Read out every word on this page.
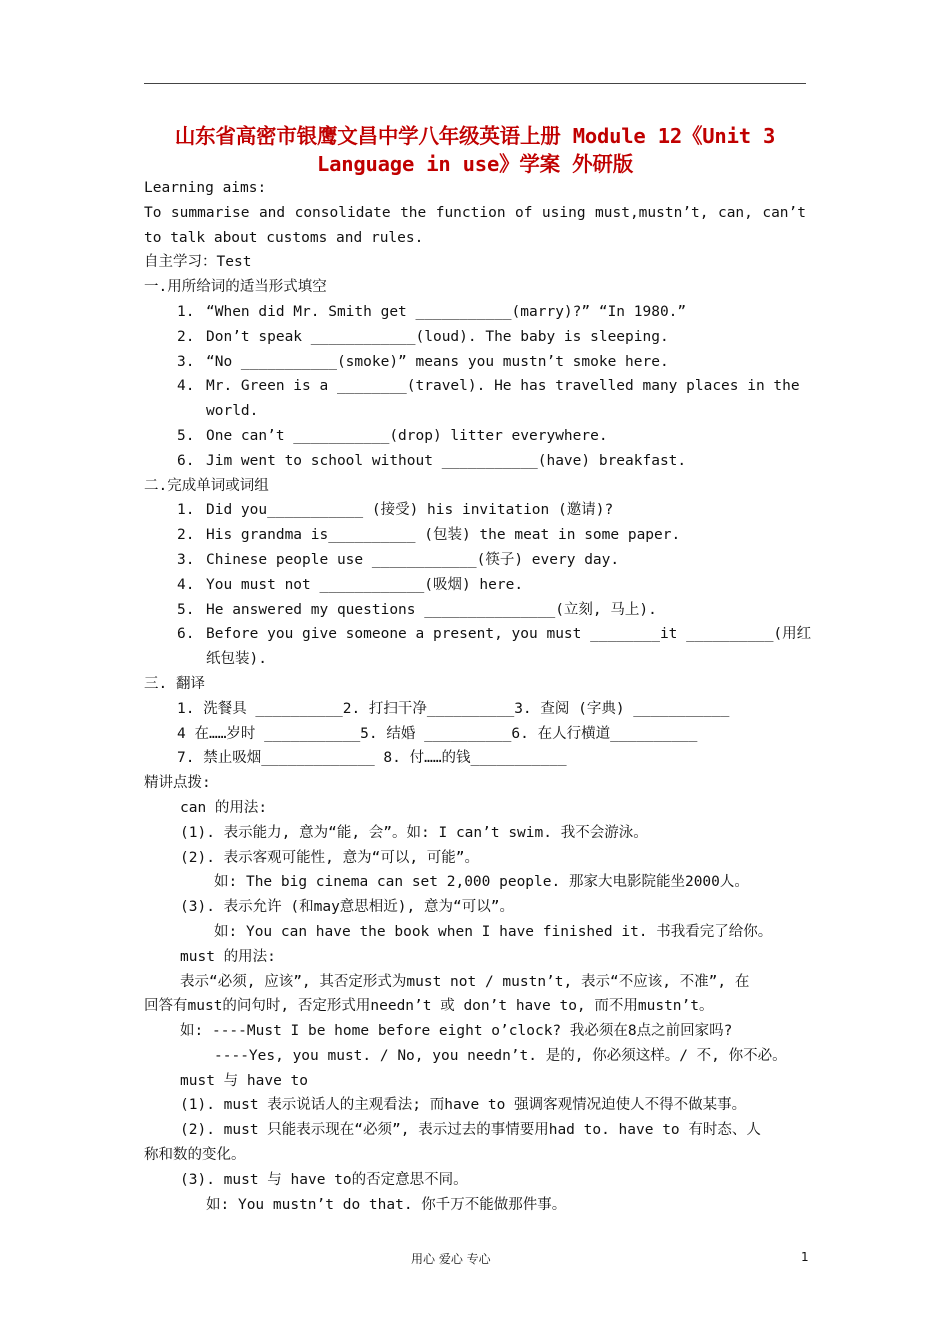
山东省高密市银鹰文昌中学八年级英语上册 Module 12《Unit 3
Language in use》学案 外研版
Learning aims:
To summarise and consolidate the function of using must,mustn’t, can, can’t
to talk about customs and rules.
自主学习：Test
一.用所给词的适当形式填空
1. “When did Mr. Smith get ___________(marry)?” “In 1980.”
2. Don’t speak ____________(loud). The baby is sleeping.
3. “No ___________(smoke)” means you mustn’t smoke here.
4. Mr. Green is a ________(travel). He has travelled many places in the
world.
5. One can’t ___________(drop) litter everywhere.
6. Jim went to school without ___________(have) breakfast.
二.完成单词或词组
1. Did you___________ (接受) his invitation (邀请)?
2. His grandma is__________ (包装) the meat in some paper.
3. Chinese people use ____________(筷子) every day.
4. You must not ____________(吸烟) here.
5. He answered my questions _______________(立刻, 马上).
6. Before you give someone a present, you must ________it __________(用红
纸包装).
三. 翻译
1. 洗餐具 __________2. 打扫干净__________3. 查阅 (字典) ___________
4 在……岁时 ___________5. 结婚 __________6. 在人行横道__________
7. 禁止吸烟_____________ 8. 付……的钱___________
精讲点拨:
can 的用法:
(1). 表示能力, 意为“能, 会”。如: I can’t swim. 我不会游泳。
(2). 表示客观可能性, 意为“可以, 可能”。
如: The big cinema can set 2,000 people. 那家大电影院能坐2000人。
(3). 表示允许 (和may意思相近), 意为“可以”。
如: You can have the book when I have finished it. 书我看完了给你。
must 的用法:
表示“必须, 应该”, 其否定形式为must not / mustn’t, 表示“不应该, 不准”, 在
回答有must的问句时, 否定形式用needn’t 或 don’t have to, 而不用mustn’t。
如: ----Must I be home before eight o’clock? 我必须在8点之前回家吗?
----Yes, you must. / No, you needn’t. 是的, 你必须这样。/ 不, 你不必。
must 与 have to
(1). must 表示说话人的主观看法; 而have to 强调客观情况迫使人不得不做某事。
(2). must 只能表示现在“必须”, 表示过去的事情要用had to. have to 有时态、人
称和数的变化。
(3). must 与 have to的否定意思不同。
如: You mustn’t do that. 你千万不能做那件事。
用心 爱心 专心	1
